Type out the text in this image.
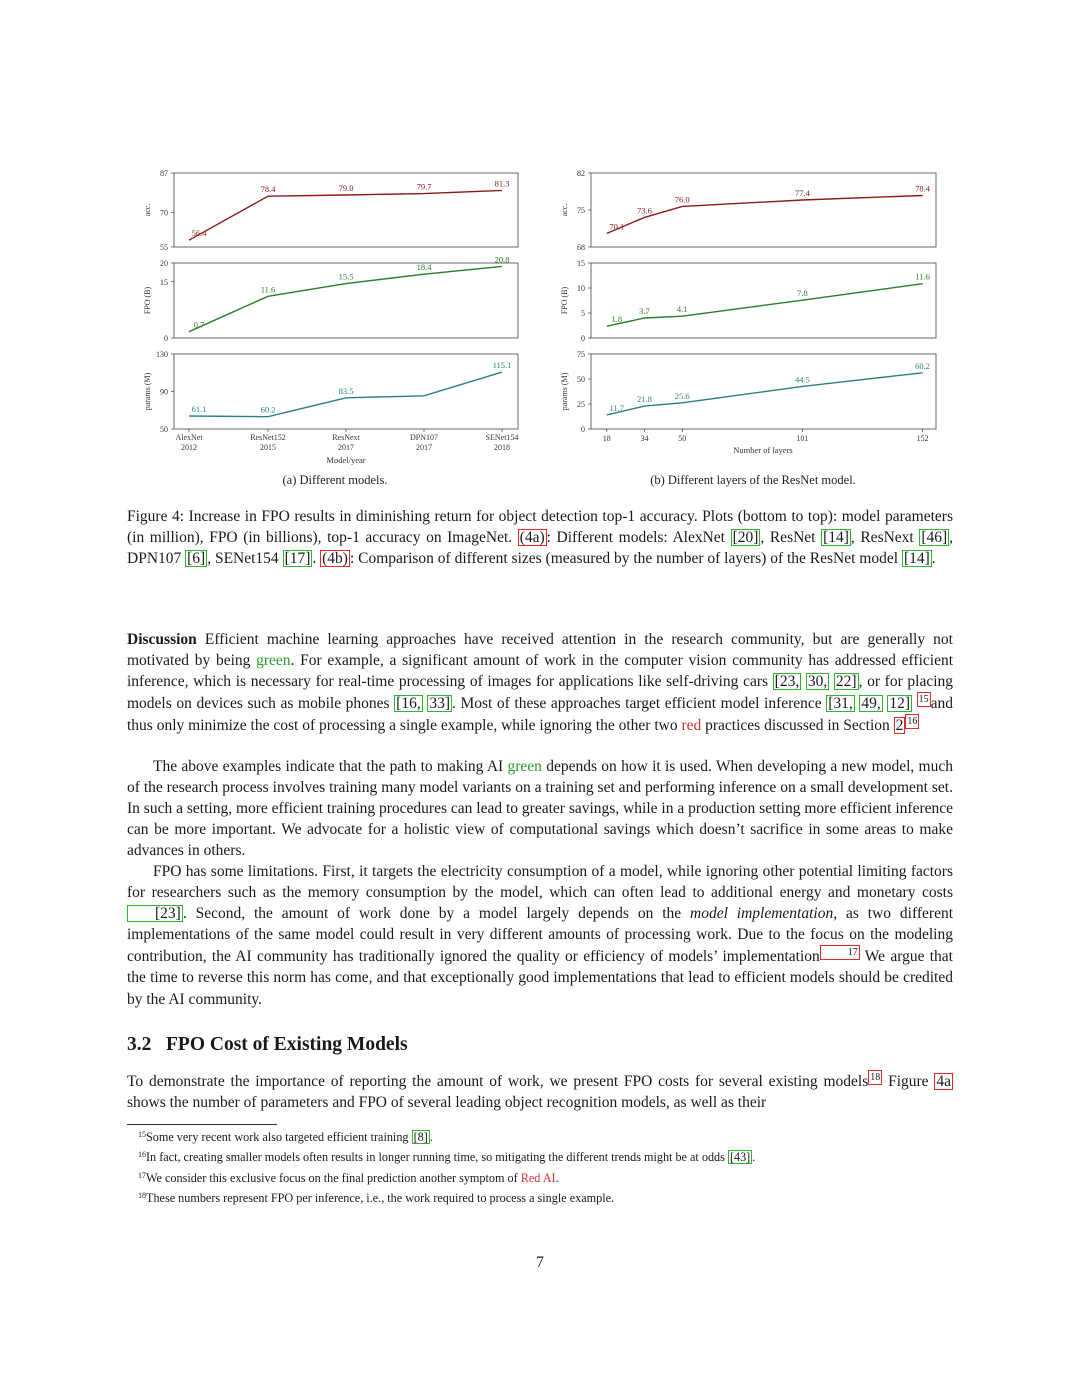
87
70
55
acc.
56.4
78.4	79.0	79.7	81.3
20
15
0
FPO (B)
0.7
11.6
15.5
18.4
20.8
130
90
50
params (M)	61.1	60.2
83.5
115.1
AlexNet
2012
ResNet152
2015
ResNext
2017
DPN107
2017
SENet154
2018
Model/year
(a) Different models.
82
75
68
acc.
70.1
73.6
76.0
77.4	78.4
15
10
5
0
FPO (B)
1.8
3.7	4.1
7.8
11.6
75
50
25
0
params (M)	11.7
21.8	25.6
44.5
60.2
18	34	50	101	152
Number of layers
(b) Different layers of the ResNet model.
Figure 4: Increase in FPO results in diminishing return for object detection top-1 accuracy. Plots (bottom to top): model parameters (in million), FPO (in billions), top-1 accuracy on ImageNet. (4a) : Different models: AlexNet [20] , ResNet [14] , ResNext [46] , DPN107 [6] , SENet154 [17] . (4b) : Comparison of different sizes (measured by the number of layers) of the ResNet model [14] .
Discussion Efficient machine learning approaches have received attention in the research community, but are generally not motivated by being green. For example, a significant amount of work in the computer vision community has addressed efficient inference, which is necessary for real-time processing of images for applications like self-driving cars [23, 30, 22] , or for placing models on devices such as mobile phones [16, 33] . Most of these approaches target efficient model inference [31, 49, 12] 15 and thus only minimize the cost of processing a single example, while ignoring the other two red practices discussed in Section 2 16
The above examples indicate that the path to making AI green depends on how it is used. When developing a new model, much of the research process involves training many model variants on a training set and performing inference on a small development set. In such a setting, more efficient training procedures can lead to greater savings, while in a production setting more efficient inference can be more important. We advocate for a holistic view of computational savings which doesn’t sacrifice in some areas to make advances in others.
FPO has some limitations. First, it targets the electricity consumption of a model, while ignoring other potential limiting factors for researchers such as the memory consumption by the model, which can often lead to additional energy and monetary costs [23] . Second, the amount of work done by a model largely depends on the model implementation, as two different implementations of the same model could result in very different amounts of processing work. Due to the focus on the modeling contribution, the AI community has traditionally ignored the quality or efficiency of models’ implementation	17 We argue that the time to reverse this norm has come, and that exceptionally good implementations that lead to efficient models should be credited by the AI community.
3.2 FPO Cost of Existing Models
To demonstrate the importance of reporting the amount of work, we present FPO costs for several existing models 18 Figure 4a shows the number of parameters and FPO of several leading object recognition models, as well as their
$^{15}$Some very recent work also targeted efficient training [8] .
$^{16}$In fact, creating smaller models often results in longer running time, so mitigating the different trends might be at odds [43] .
$^{17}$We consider this exclusive focus on the final prediction another symptom of Red AI.
$^{18}$These numbers represent FPO per inference, i.e., the work required to process a single example.
7
